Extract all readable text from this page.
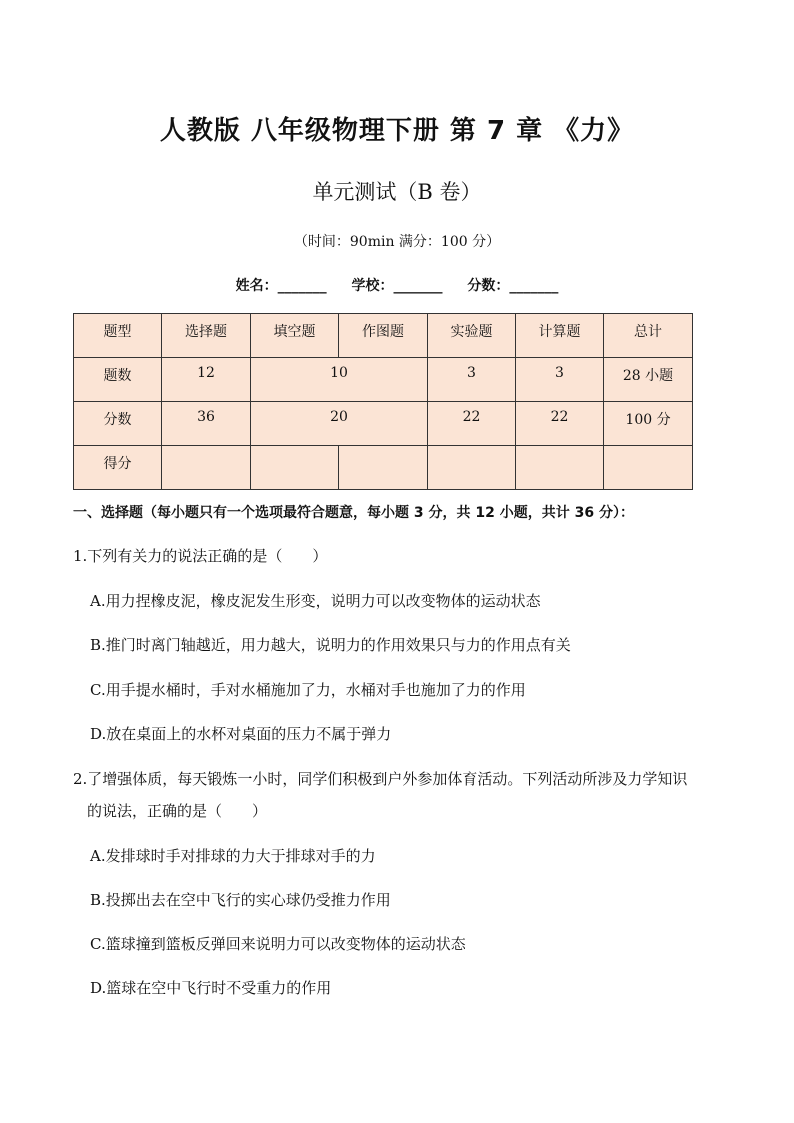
人教版 八年级物理下册 第 7 章 《力》
单元测试（B 卷）
（时间：90min 满分：100 分）
姓名：_______ 学校：_______ 分数：_______
题型	选择题	填空题	作图题	实验题	计算题	总计
题数	12	10		3	3	28 小题
分数	36	20		22	22	100 分
得分						
一、选择题（每小题只有一个选项最符合题意，每小题 3 分，共 12 小题，共计 36 分）：
1.下列有关力的说法正确的是（　　）
A.用力捏橡皮泥，橡皮泥发生形变，说明力可以改变物体的运动状态
B.推门时离门轴越近，用力越大，说明力的作用效果只与力的作用点有关
C.用手提水桶时，手对水桶施加了力，水桶对手也施加了力的作用
D.放在桌面上的水杯对桌面的压力不属于弹力
2.了增强体质，每天锻炼一小时，同学们积极到户外参加体育活动。下列活动所涉及力学知识
的说法，正确的是（　　）
A.发排球时手对排球的力大于排球对手的力
B.投掷出去在空中飞行的实心球仍受推力作用
C.篮球撞到篮板反弹回来说明力可以改变物体的运动状态
D.篮球在空中飞行时不受重力的作用
